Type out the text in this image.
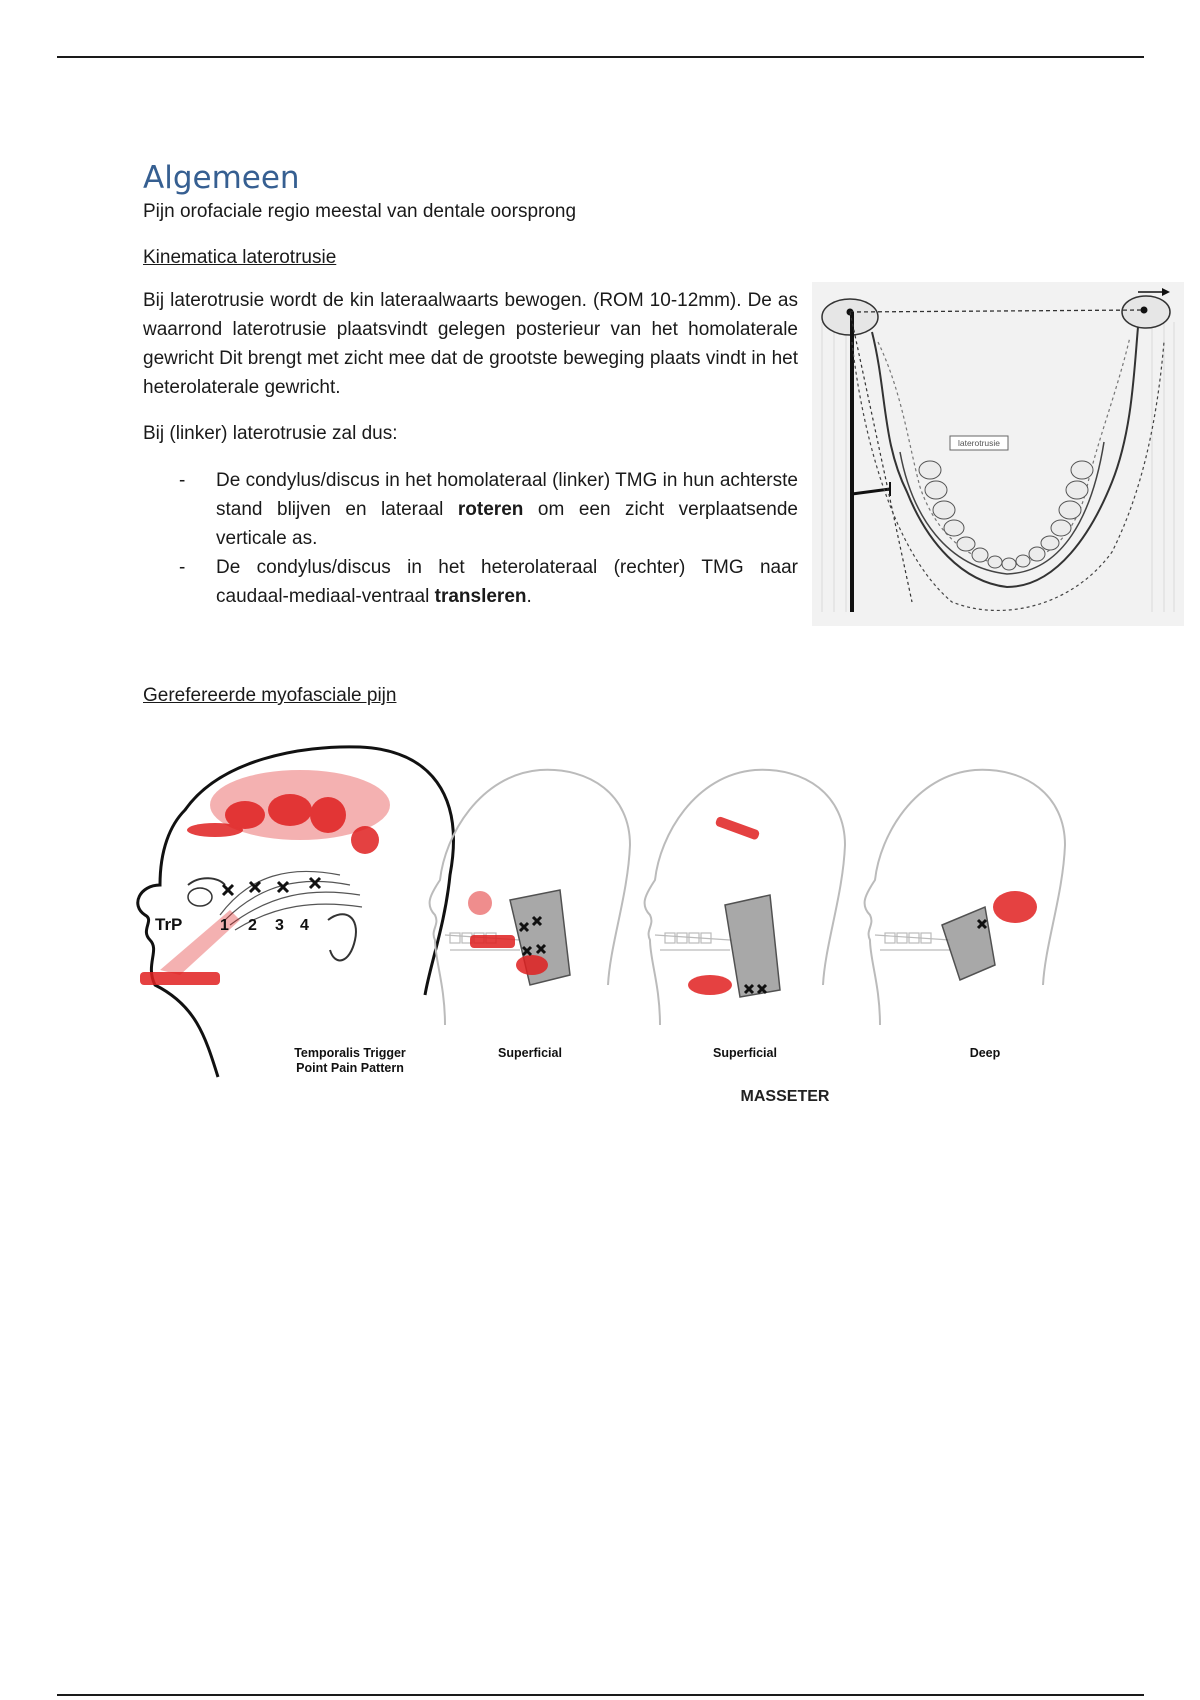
Algemeen

Pijn orofaciale regio meestal van dentale oorsprong

Kinematica laterotrusie

Bij laterotrusie wordt de kin lateraalwaarts bewogen. (ROM 10-12mm). De as waarrond laterotrusie plaatsvindt gelegen posterieur van het homolaterale gewricht Dit brengt met zicht mee dat de grootste beweging plaats vindt in het heterolaterale gewricht.

Bij (linker) laterotrusie zal dus:

- De condylus/discus in het homolateraal (linker) TMG in hun achterste stand blijven en lateraal roteren om een zicht verplaatsende verticale as.
- De condylus/discus in het heterolateraal (rechter) TMG naar caudaal-mediaal-ventraal transleren.
laterotrusie

Gerefereerde myofasciale pijn

TrP 1 2 3 4
Temporalis Trigger
Point Pain Pattern
Superficial	Superficial	Deep
MASSETER
